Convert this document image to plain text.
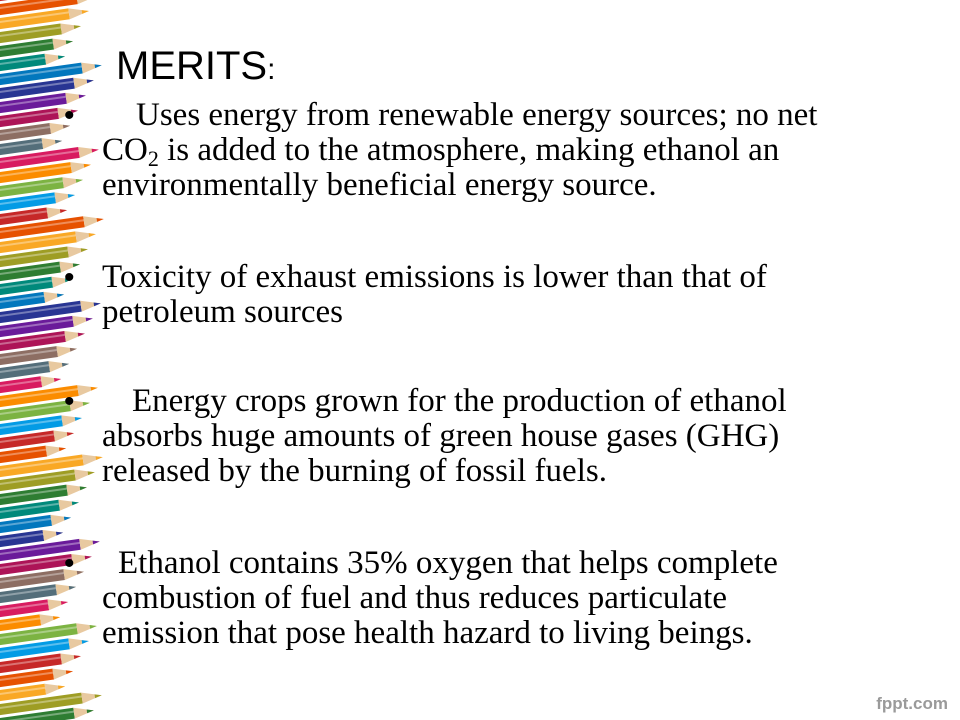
MERITS:
•	Uses energy from renewable energy sources; no net
$CO_2$ is added to the atmosphere, making ethanol an
environmentally beneficial energy source.
• Toxicity of exhaust emissions is lower than that of
petroleum sources
•	Energy crops grown for the production of ethanol
absorbs huge amounts of green house gases (GHG)
released by the burning of fossil fuels.
•	Ethanol contains 35% oxygen that helps complete
combustion of fuel and thus reduces particulate
emission that pose health hazard to living beings.
fppt.com
